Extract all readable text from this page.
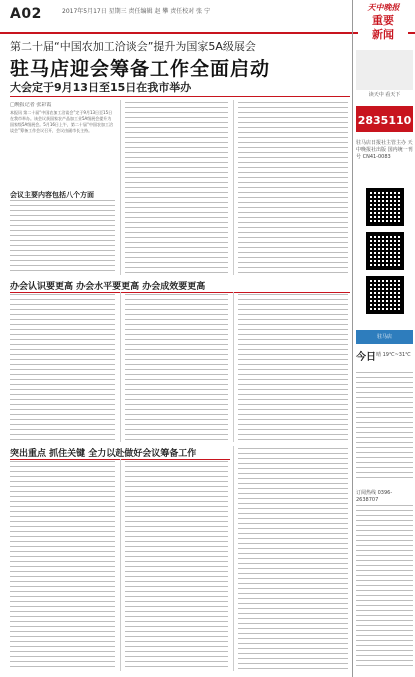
A02	2017年5月17日 星期三 责任编辑 赵 攀 责任校对 张 宁	天中晚报
重要
新闻
读天中 看天下
2835110
驻马店日报社主管主办 天中晚报社出版 国内统一刊号 CN41-0083
驻马店
今日 晴 19℃~31℃
订阅热线 0396-2638707
第二十届“中国农加工洽谈会”提升为国家5A级展会
驻马店迎会筹备工作全面启动
大会定于9月13日至15日在我市举办
□晚报记者 张彩霞
本报讯 第二十届“中国农加工洽谈会”定于9月13日至15日在我市举办。该会议获国家农产品加工业5A级展会提升为国家级5A级展会。5月16日上午，第二十届“中国农加工洽谈会”筹备工作会议召开，会议由副市长主持。
会议主要内容包括八个方面
办会认识要更高 办会水平要更高 办会成效要更高
突出重点 抓住关键 全力以赴做好会议筹备工作
